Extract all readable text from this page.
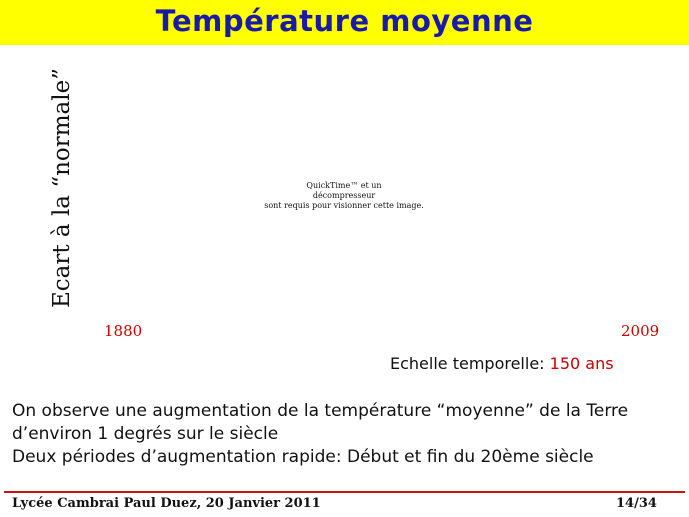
Température moyenne
Ecart à la “normale”	QuickTime™ et un
décompresseur
sont requis pour visionner cette image.
1880	2009
Echelle temporelle: 150 ans
On observe une augmentation de la température “moyenne” de la Terre
d’environ 1 degrés sur le siècle
Deux périodes d’augmentation rapide: Début et fin du 20ème siècle
Lycée Cambrai Paul Duez, 20 Janvier 2011	14/34
